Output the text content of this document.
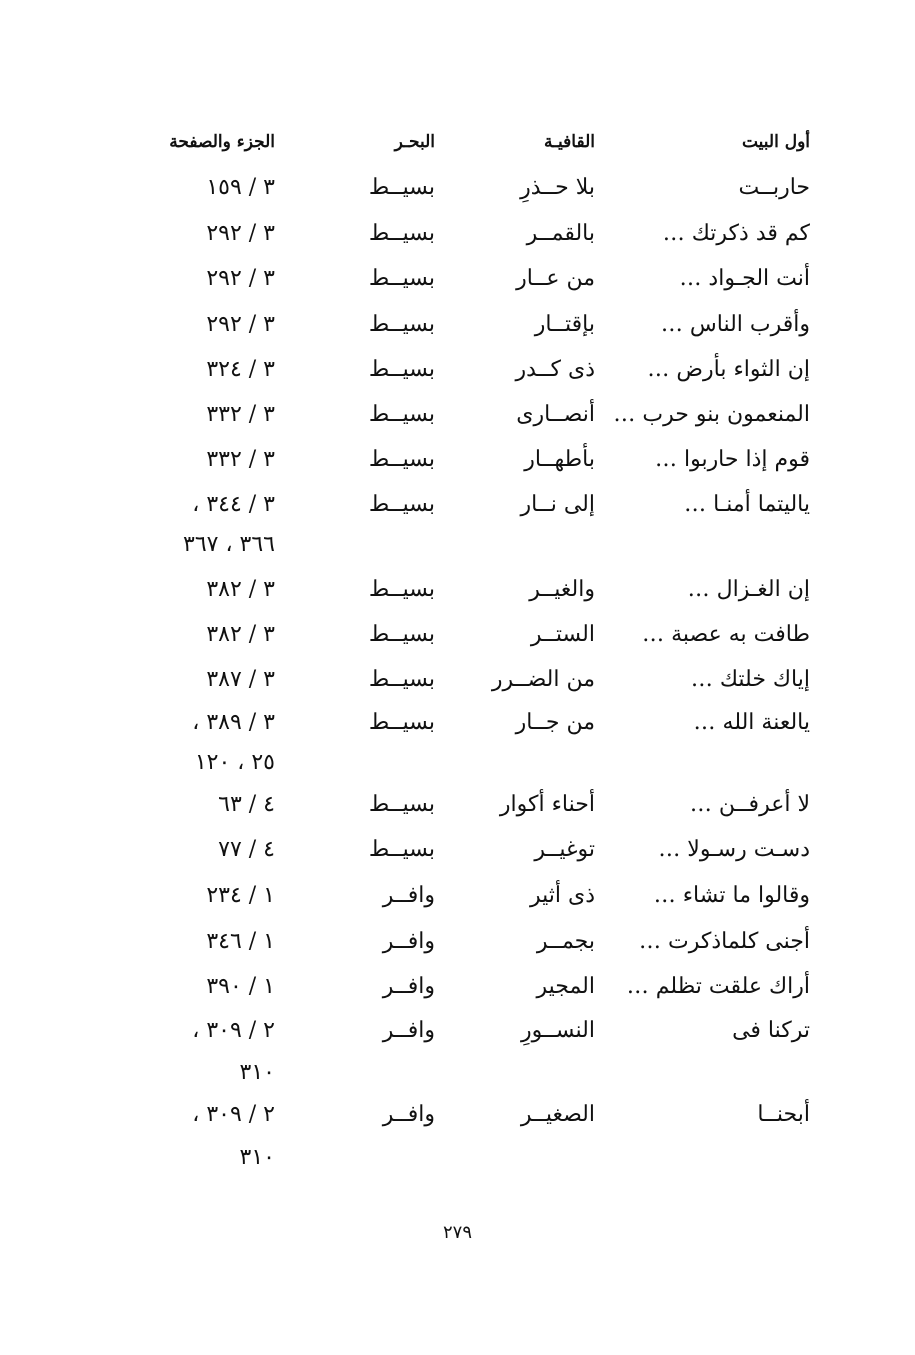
أول البيت
القافيـة
البحـر
الجزء والصفحة
حاربــت
بلا حــذرِ
بسيــط
٣ / ١٥٩
كم قد ذكرتك …
بالقمــر
بسيــط
٣ / ٢٩٢
أنت الجـواد …
من عــار
بسيــط
٣ / ٢٩٢
وأقرب الناس …
بإقتــار
بسيــط
٣ / ٢٩٢
إن الثواء بأرض …
ذى كــدر
بسيــط
٣ / ٣٢٤
المنعمون بنو حرب …
أنصــارى
بسيــط
٣ / ٣٣٢
قوم إذا حاربوا …
بأطهــار
بسيــط
٣ / ٣٣٢
ياليتما أمنـا …
إلى نــار
بسيــط
٣ / ٣٤٤ ،
٣٦٦ ، ٣٦٧
إن الغـزال …
والغيــر
بسيــط
٣ / ٣٨٢
طافت به عصبة …
الستــر
بسيــط
٣ / ٣٨٢
إياك خلتك …
من الضــرر
بسيــط
٣ / ٣٨٧
يالعنة الله …
من جــار
بسيــط
٣ / ٣٨٩ ،
٢٥ ، ١٢٠
لا أعرفــن …
أحناء أكوار
بسيــط
٤ / ٦٣
دسـت رسـولا …
توغيــر
بسيــط
٤ / ٧٧
وقالوا ما تشاء …
ذى أثير
وافــر
١ / ٢٣٤
أجنى كلماذكرت …
بجمــر
وافــر
١ / ٣٤٦
أراك علقت تظلم …
المجير
وافــر
١ / ٣٩٠
تركنا فى
النســورِ
وافــر
٢ / ٣٠٩ ،
٣١٠
أبحنــا
الصغيــر
وافــر
٢ / ٣٠٩ ،
٣١٠
٢٧٩
